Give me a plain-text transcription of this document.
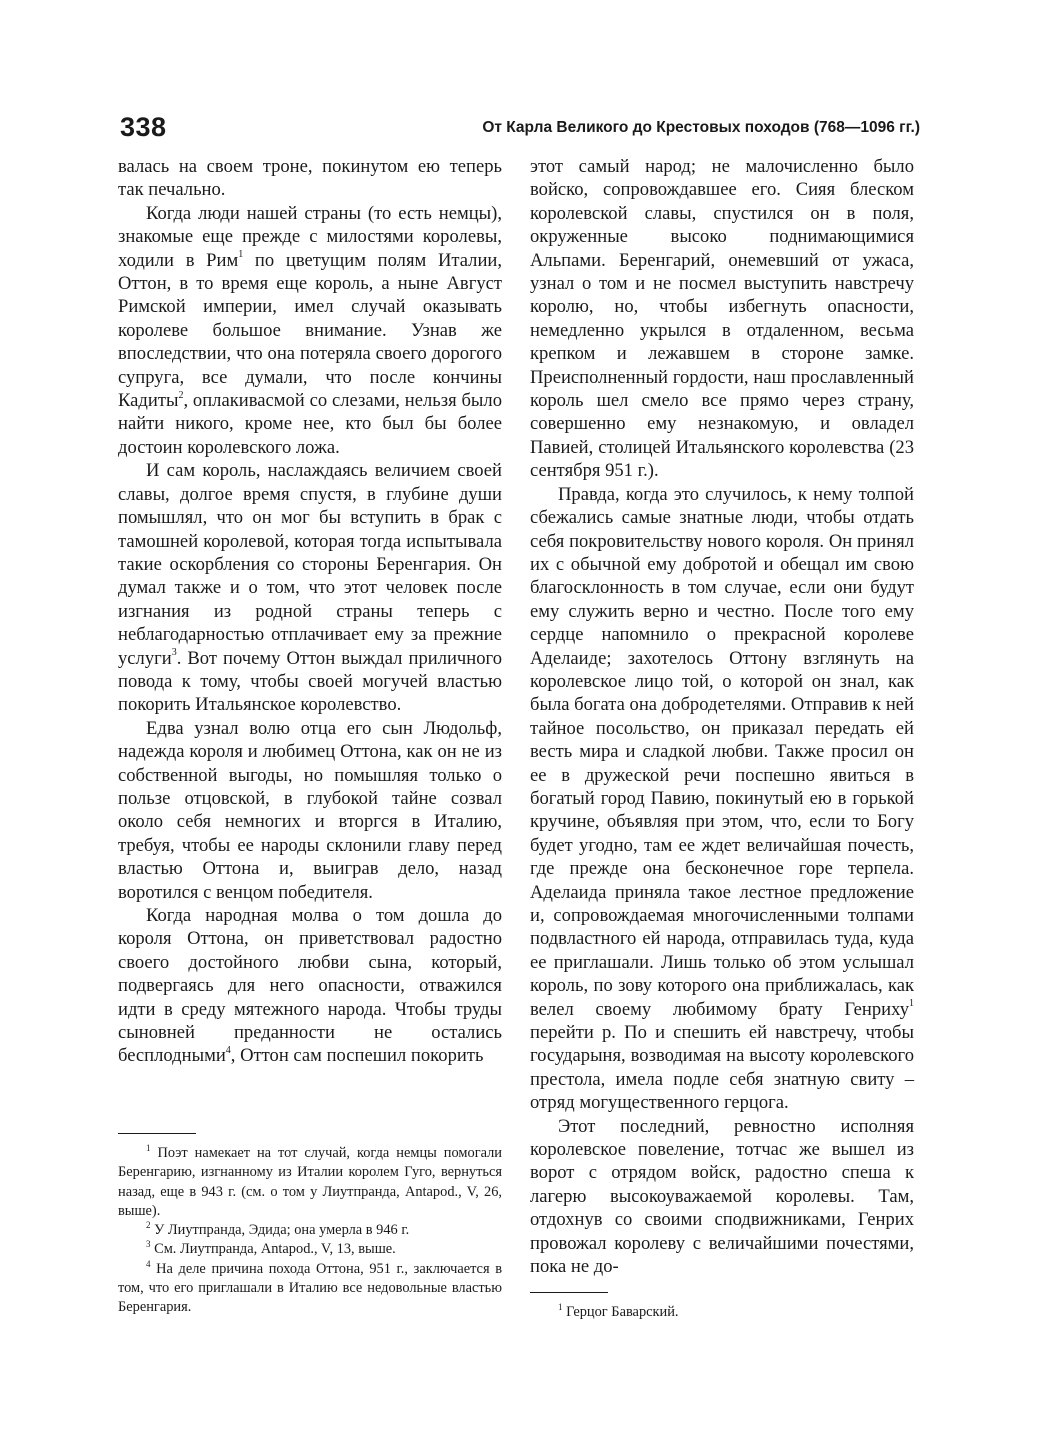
338	От Карла Великого до Крестовых походов (768—1096 гг.)

валась на своем троне, покинутом ею теперь так печально.

Когда люди нашей страны (то есть немцы), знакомые еще прежде с милостями королевы, ходили в Рим$^1$ по цветущим полям Италии, Оттон, в то время еще король, а ныне Август Римской империи, имел случай оказывать королеве большое внимание. Узнав же впоследствии, что она потеряла своего дорогого супруга, все думали, что после кончины Кадиты$^2$, оплакивасмой со слезами, нельзя было найти никого, кроме нее, кто был бы более достоин королевского ложа.

И сам король, наслаждаясь величием своей славы, долгое время спустя, в глубине души помышлял, что он мог бы вступить в брак с тамошней королевой, которая тогда испытывала такие оскорбления со стороны Беренгария. Он думал также и о том, что этот человек после изгнания из родной страны теперь с неблагодарностью отплачивает ему за прежние услуги$^3$. Вот почему Оттон выждал приличного повода к тому, чтобы своей могучей властью покорить Итальянское королевство.

Едва узнал волю отца его сын Людольф, надежда короля и любимец Оттона, как он не из собственной выгоды, но помышляя только о пользе отцовской, в глубокой тайне созвал около себя немногих и вторгся в Италию, требуя, чтобы ее народы склонили главу перед властью Оттона и, выиграв дело, назад воротился с венцом победителя.

Когда народная молва о том дошла до короля Оттона, он приветствовал радостно своего достойного любви сына, который, подвергаясь для него опасности, отважился идти в среду мятежного народа. Чтобы труды сыновней преданности не остались бесплодными$^4$, Оттон сам поспешил покорить

$^1$ Поэт намекает на тот случай, когда немцы помогали Беренгарию, изгнанному из Италии королем Гуго, вернуться назад, еще в 943 г. (см. о том у Лиутпранда, Antapod., V, 26, выше).

$^2$ У Лиутпранда, Эдида; она умерла в 946 г.

$^3$ См. Лиутпранда, Antapod., V, 13, выше.

$^4$ На деле причина похода Оттона, 951 г., заключается в том, что его приглашали в Италию все недовольные властью Беренгария.

этот самый народ; не малочисленно было войско, сопровождавшее его. Сияя блеском королевской славы, спустился он в поля, окруженные высоко поднимающимися Альпами. Беренгарий, онемевший от ужаса, узнал о том и не посмел выступить навстречу королю, но, чтобы избегнуть опасности, немедленно укрылся в отдаленном, весьма крепком и лежавшем в стороне замке. Преисполненный гордости, наш прославленный король шел смело все прямо через страну, совершенно ему незнакомую, и овладел Павией, столицей Итальянского королевства (23 сентября 951 г.).

Правда, когда это случилось, к нему толпой сбежались самые знатные люди, чтобы отдать себя покровительству нового короля. Он принял их с обычной ему добротой и обещал им свою благосклонность в том случае, если они будут ему служить верно и честно. После того ему сердце напомнило о прекрасной королеве Аделаиде; захотелось Оттону взглянуть на королевское лицо той, о которой он знал, как была богата она добродетелями. Отправив к ней тайное посольство, он приказал передать ей весть мира и сладкой любви. Также просил он ее в дружеской речи поспешно явиться в богатый город Павию, покинутый ею в горькой кручине, объявляя при этом, что, если то Богу будет угодно, там ее ждет величайшая почесть, где прежде она бесконечное горе терпела. Аделаида приняла такое лестное предложение и, сопровождаемая многочисленными толпами подвластного ей народа, отправилась туда, куда ее приглашали. Лишь только об этом услышал король, по зову которого она приближалась, как велел своему любимому брату Генриху$^1$ перейти р. По и спешить ей навстречу, чтобы государыня, возводимая на высоту королевского престола, имела подле себя знатную свиту – отряд могущественного герцога.

Этот последний, ревностно исполняя королевское повеление, тотчас же вышел из ворот с отрядом войск, радостно спеша к лагерю высокоуважаемой королевы. Там, отдохнув со своими сподвижниками, Генрих провожал королеву с величайшими почестями, пока не до-

$^1$ Герцог Баварский.
